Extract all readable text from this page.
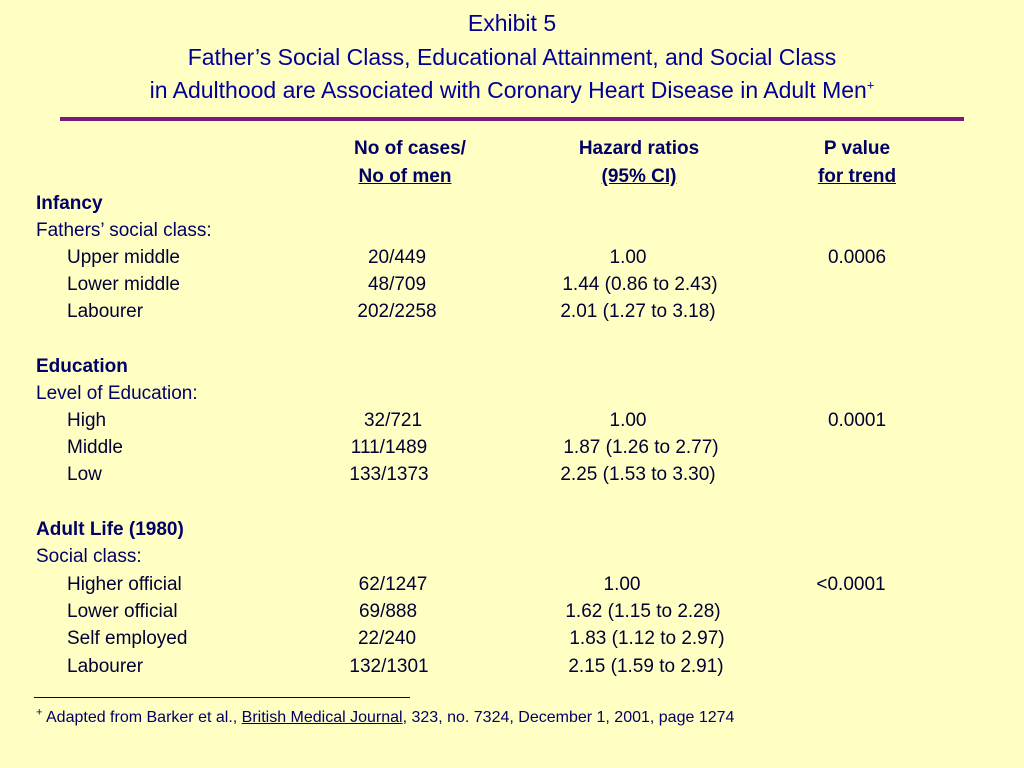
Exhibit 5
Father’s Social Class, Educational Attainment, and Social Class
in Adulthood are Associated with Coronary Heart Disease in Adult Men+
No of cases/
No of men
Hazard ratios
(95% CI)
P value
for trend
Infancy
Fathers’ social class:
Upper middle	20/449	1.00	0.0006
Lower middle	48/709	1.44 (0.86 to 2.43)
Labourer	202/2258	2.01 (1.27 to 3.18)
Education
Level of Education:
High	32/721	1.00	0.0001
Middle	111/1489	1.87 (1.26 to 2.77)
Low	133/1373	2.25 (1.53 to 3.30)
Adult Life (1980)
Social class:
Higher official	62/1247	1.00	<0.0001
Lower official	69/888	1.62 (1.15 to 2.28)
Self employed	22/240	1.83 (1.12 to 2.97)
Labourer	132/1301	2.15 (1.59 to 2.91)
+ Adapted from Barker et al., British Medical Journal, 323, no. 7324, December 1, 2001, page 1274
